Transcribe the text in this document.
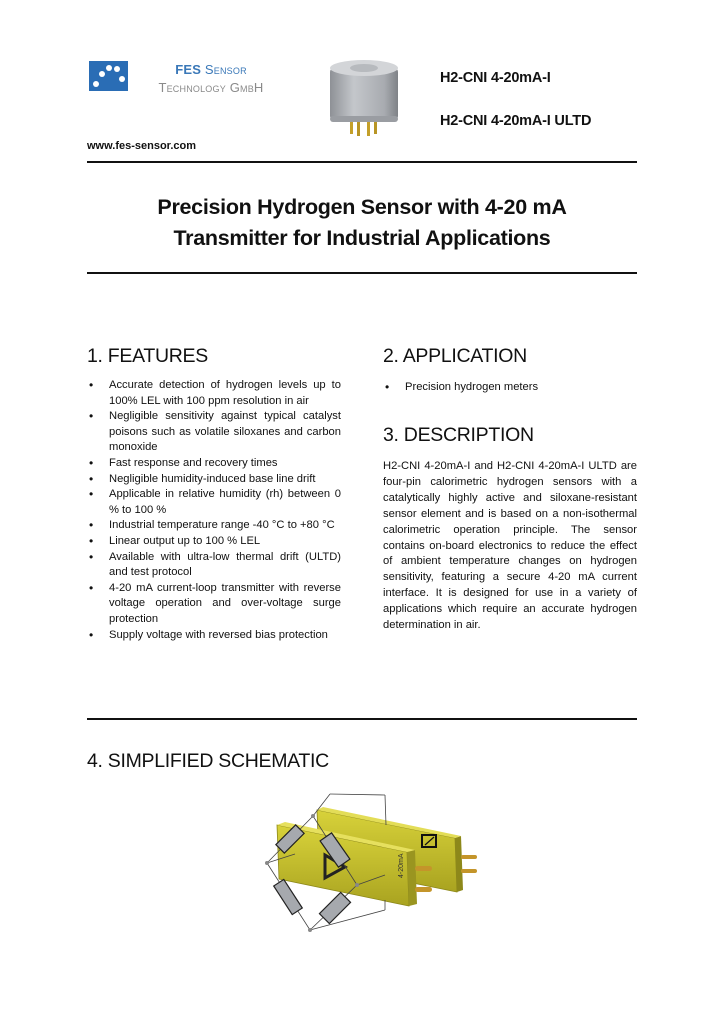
FES Sensor
Technology GmbH
H2-CNI 4-20mA-I
H2-CNI 4-20mA-I ULTD
www.fes-sensor.com
Precision Hydrogen Sensor with 4-20 mA
Transmitter for Industrial Applications
1. FEATURES
• Accurate detection of hydrogen levels up to 100% LEL with 100 ppm resolution in air
• Negligible sensitivity against typical catalyst poisons such as volatile siloxanes and carbon monoxide
• Fast response and recovery times
• Negligible humidity-induced base line drift
• Applicable in relative humidity (rh) between 0 % to 100 %
• Industrial temperature range -40 °C to +80 °C
• Linear output up to 100 % LEL
• Available with ultra-low thermal drift (ULTD) and test protocol
• 4-20 mA current-loop transmitter with reverse voltage operation and over-voltage surge protection
• Supply voltage with reversed bias protection
2. APPLICATION
• Precision hydrogen meters
3. DESCRIPTION
H2-CNI 4-20mA-I and H2-CNI 4-20mA-I ULTD are four-pin calorimetric hydrogen sensors with a catalytically highly active and siloxane-resistant sensor element and is based on a non-isothermal calorimetric operation principle. The sensor contains on-board electronics to reduce the effect of ambient temperature changes on hydrogen sensitivity, featuring a secure 4-20 mA current interface. It is designed for use in a variety of applications which require an accurate hydrogen determination in air.
4. SIMPLIFIED SCHEMATIC
4-20mA
